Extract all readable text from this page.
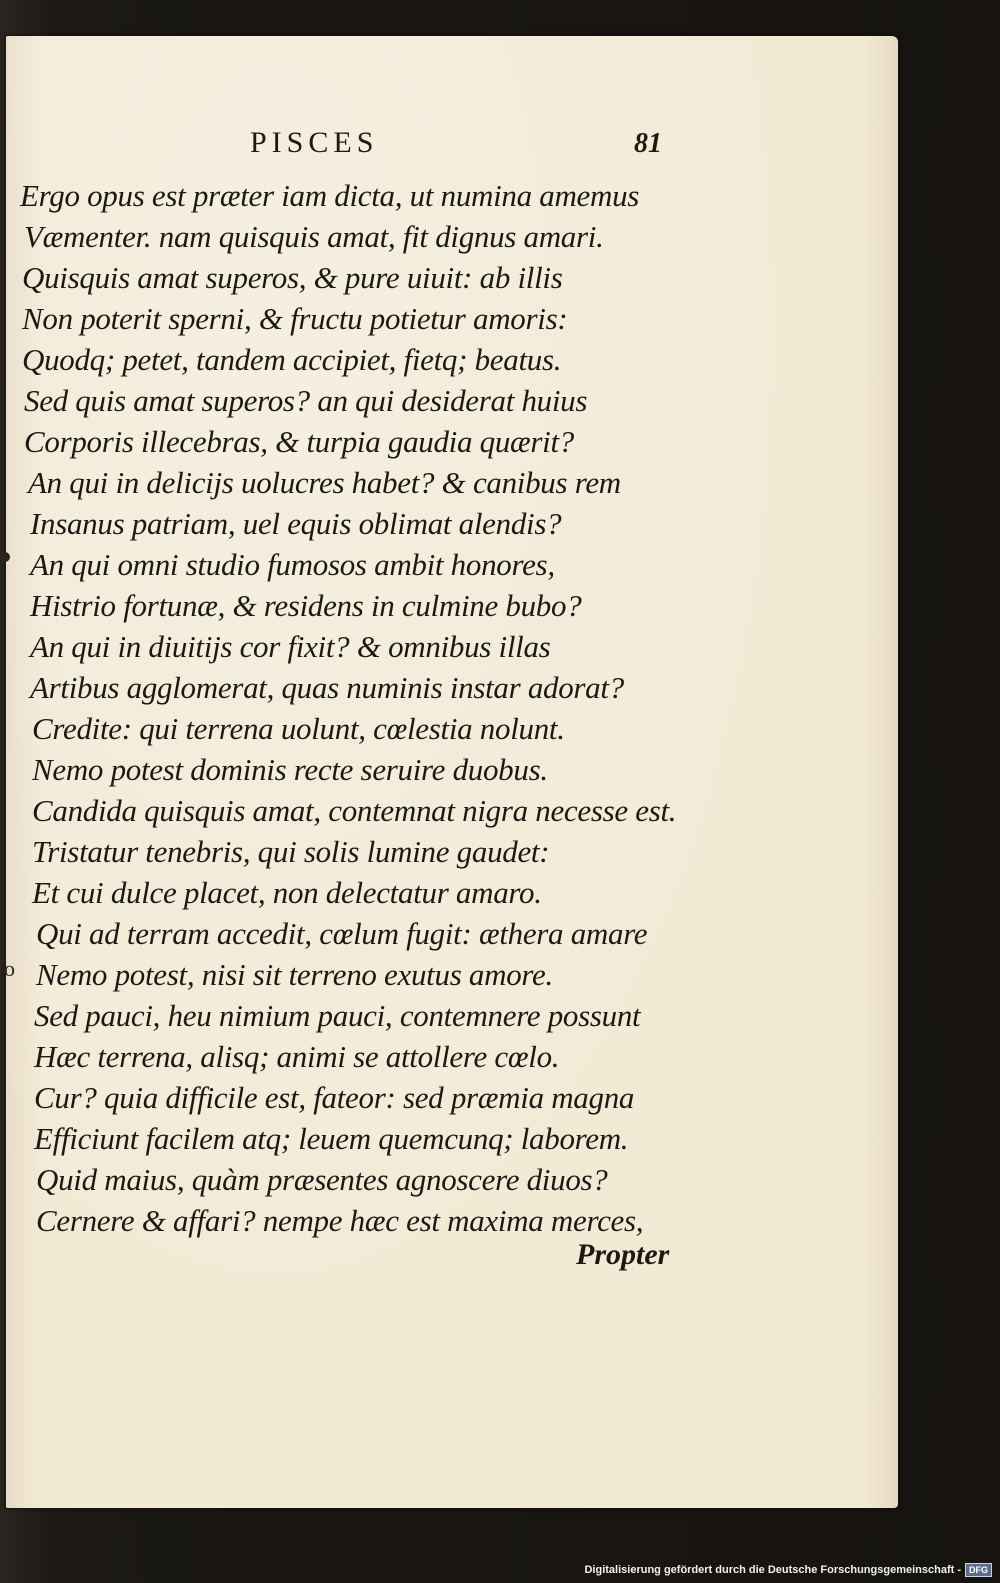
PISCES	81
Ergo opus est præter iam dicta, ut numina amemus
Væmenter. nam quisquis amat, fit dignus amari.
Quisquis amat superos, & pure uiuit: ab illis
Non poterit sperni, & fructu potietur amoris:
Quodq; petet, tandem accipiet, fietq; beatus.
Sed quis amat superos? an qui desiderat huius
Corporis illecebras, & turpia gaudia quærit?
An qui in delicijs uolucres habet? & canibus rem
Insanus patriam, uel equis oblimat alendis?
An qui omni studio fumosos ambit honores,
Histrio fortunæ, & residens in culmine bubo?
An qui in diuitijs cor fixit? & omnibus illas
Artibus agglomerat, quas numinis instar adorat?
Credite: qui terrena uolunt, cœlestia nolunt.
Nemo potest dominis recte seruire duobus.
Candida quisquis amat, contemnat nigra necesse est.
Tristatur tenebris, qui solis lumine gaudet:
Et cui dulce placet, non delectatur amaro.
Qui ad terram accedit, cœlum fugit: æthera amare
Nemo potest, nisi sit terreno exutus amore.
Sed pauci, heu nimium pauci, contemnere possunt
Hæc terrena, alisq; animi se attollere cœlo.
Cur? quia difficile est, fateor: sed præmia magna
Efficiunt facilem atq; leuem quemcunq; laborem.
Quid maius, quàm præsentes agnoscere diuos?
Cernere & affari? nempe hæc est maxima merces,
Propter
o
Digitalisierung gefördert durch die Deutsche Forschungsgemeinschaft - DFG
